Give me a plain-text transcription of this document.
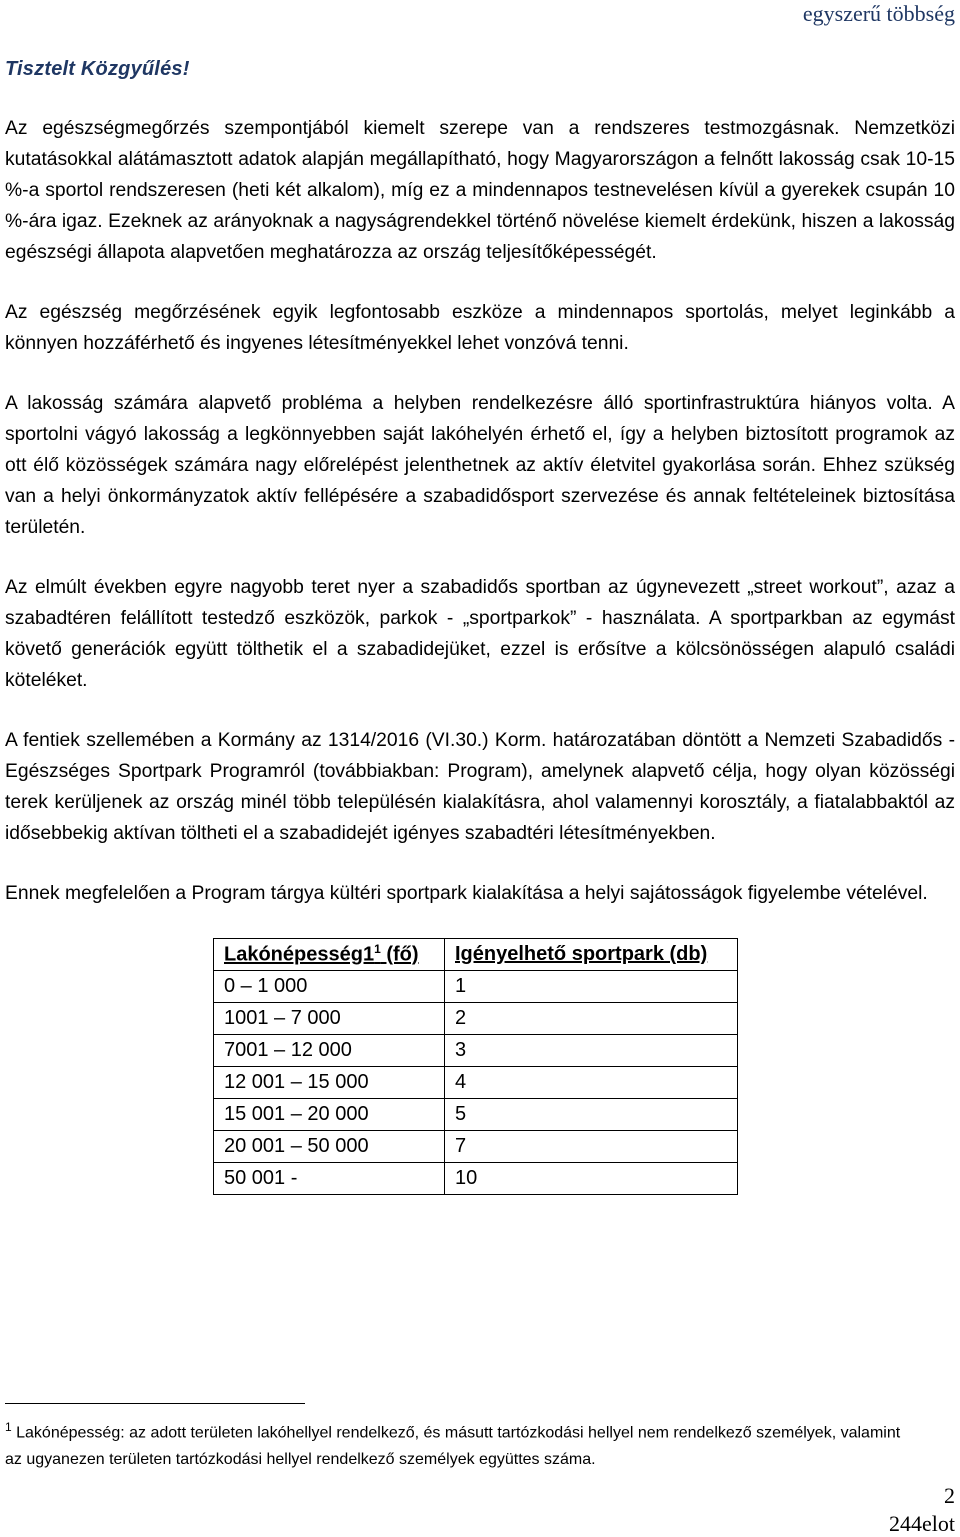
egyszerű többség
Tisztelt Közgyűlés!

Az egészségmegőrzés szempontjából kiemelt szerepe van a rendszeres testmozgásnak. Nemzetközi kutatásokkal alátámasztott adatok alapján megállapítható, hogy Magyarországon a felnőtt lakosság csak 10-15 %-a sportol rendszeresen (heti két alkalom), míg ez a mindennapos testnevelésen kívül a gyerekek csupán 10 %-ára igaz. Ezeknek az arányoknak a nagyságrendekkel történő növelése kiemelt érdekünk, hiszen a lakosság egészségi állapota alapvetően meghatározza az ország teljesítőképességét.

Az egészség megőrzésének egyik legfontosabb eszköze a mindennapos sportolás, melyet leginkább a könnyen hozzáférhető és ingyenes létesítményekkel lehet vonzóvá tenni.

A lakosság számára alapvető probléma a helyben rendelkezésre álló sportinfrastruktúra hiányos volta. A sportolni vágyó lakosság a legkönnyebben saját lakóhelyén érhető el, így a helyben biztosított programok az ott élő közösségek számára nagy előrelépést jelenthetnek az aktív életvitel gyakorlása során. Ehhez szükség van a helyi önkormányzatok aktív fellépésére a szabadidősport szervezése és annak feltételeinek biztosítása területén.

Az elmúlt években egyre nagyobb teret nyer a szabadidős sportban az úgynevezett „street workout”, azaz a szabadtéren felállított testedző eszközök, parkok - „sportparkok” - használata. A sportparkban az egymást követő generációk együtt tölthetik el a szabadidejüket, ezzel is erősítve a kölcsönösségen alapuló családi köteléket.

A fentiek szellemében a Kormány az 1314/2016 (VI.30.) Korm. határozatában döntött a Nemzeti Szabadidős - Egészséges Sportpark Programról (továbbiakban: Program), amelynek alapvető célja, hogy olyan közösségi terek kerüljenek az ország minél több településén kialakításra, ahol valamennyi korosztály, a fiatalabbaktól az idősebbekig aktívan töltheti el a szabadidejét igényes szabadtéri létesítményekben.

Ennek megfelelően a Program tárgya kültéri sportpark kialakítása a helyi sajátosságok figyelembe vételével.

$Lakónépesség1^1$ (fő)	Igényelhető sportpark (db)
0 – 1 000	1
1001 – 7 000	2
7001 – 12 000	3
12 001 – 15 000	4
15 001 – 20 000	5
20 001 – 50 000	7
50 001 -	10
$^1$ Lakónépesség: az adott területen lakóhellyel rendelkező, és másutt tartózkodási hellyel nem rendelkező személyek, valamint az ugyanezen területen tartózkodási hellyel rendelkező személyek együttes száma.
2
244elot
